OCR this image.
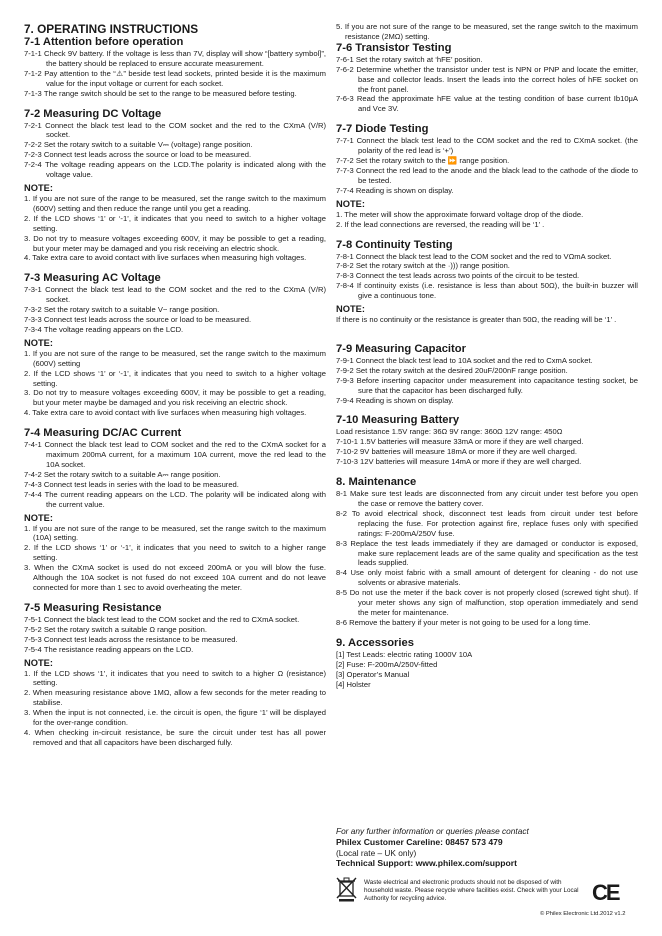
7. OPERATING INSTRUCTIONS
7-1 Attention before operation
7-1-1 Check 9V battery. If the voltage is less than 7V, display will show “[battery symbol]”, the battery should be replaced to ensure accurate measurement.
7-1-2 Pay attention to the “⚠” beside test lead sockets, printed beside it is the maximum value for the input voltage or current for each socket.
7-1-3 The range switch should be set to the range to be measured before testing.
7-2 Measuring DC Voltage
7-2-1 Connect the black test lead to the COM socket and the red to the CXmA (V/R) socket.
7-2-2 Set the rotary switch to a suitable V⎓ (voltage) range position.
7-2-3 Connect test leads across the source or load to be measured.
7-2-4 The voltage reading appears on the LCD.The polarity is indicated along with the voltage value.
NOTE:
1. If you are not sure of the range to be measured, set the range switch to the maximum (600V) setting and then reduce the range until you get a reading.
2. If the LCD shows ‘1’ or ‘-1’, it indicates that you need to switch to a higher voltage setting.
3. Do not try to measure voltages exceeding 600V, it may be possible to get a reading, but your meter may be damaged and you risk receiving an electric shock.
4. Take extra care to avoid contact with live surfaces when measuring high voltages.
7-3 Measuring AC Voltage
7-3-1 Connect the black test lead to the COM socket and the red to the CXmA (V/R) socket.
7-3-2 Set the rotary switch to a suitable V~ range position.
7-3-3 Connect test leads across the source or load to be measured.
7-3-4 The voltage reading appears on the LCD.
NOTE:
1. If you are not sure of the range to be measured, set the range switch to the maximum (600V) setting
2. If the LCD shows ‘1’ or ‘-1’, it indicates that you need to switch to a higher voltage setting.
3. Do not try to measure voltages exceeding 600V, it may be possible to get a reading, but your meter maybe be damaged and you risk receiving an electric shock.
4. Take extra care to avoid contact with live surfaces when measuring high voltages.
7-4 Measuring DC/AC Current
7-4-1 Connect the black test lead to COM socket and the red to the CXmA socket for a maximum 200mA current, for a maximum 10A current, move the red lead to the 10A socket.
7-4-2 Set the rotary switch to a suitable A⎓ range position.
7-4-3 Connect test leads in series with the load to be measured.
7-4-4 The current reading appears on the LCD. The polarity will be indicated along with the current value.
NOTE:
1. If you are not sure of the range to be measured, set the range switch to the maximum (10A) setting.
2. If the LCD shows ‘1’ or ‘-1’, it indicates that you need to switch to a higher range setting.
3. When the CXmA socket is used do not exceed 200mA or you will blow the fuse. Although the 10A socket is not fused do not exceed 10A current and do not leave connected for more than 1 sec to avoid overheating the meter.
7-5 Measuring Resistance
7-5-1 Connect the black test lead to the COM socket and the red to CXmA socket.
7-5-2 Set the rotary switch a suitable Ω range position.
7-5-3 Connect test leads across the resistance to be measured.
7-5-4 The resistance reading appears on the LCD.
NOTE:
1. If the LCD shows ‘1’, it indicates that you need to switch to a higher Ω (resistance) setting.
2. When measuring resistance above 1MΩ, allow a few seconds for the meter reading to stabilise.
3. When the input is not connected, i.e. the circuit is open, the figure ‘1’ will be displayed for the over-range condition.
4. When checking in-circuit resistance, be sure the circuit under test has all power removed and that all capacitors have been discharged fully.
5. If you are not sure of the range to be measured, set the range switch to the maximum resistance (2MΩ) setting.
7-6 Transistor Testing
7-6-1 Set the rotary switch at ‘hFE’ position.
7-6-2 Determine whether the transistor under test is NPN or PNP and locate the emitter, base and collector leads. Insert the leads into the correct holes of hFE socket on the front panel.
7-6-3 Read the approximate hFE value at the testing condition of base current Ib10μA and Vce 3V.
7-7 Diode Testing
7-7-1 Connect the black test lead to the COM socket and the red to CXmA socket. (the polarity of the red lead is ‘+’)
7-7-2 Set the rotary switch to the ⏩ range position.
7-7-3 Connect the red lead to the anode and the black lead to the cathode of the diode to be tested.
7-7-4 Reading is shown on display.
NOTE:
1. The meter will show the approximate forward voltage drop of the diode.
2. If the lead connections are reversed, the reading will be ‘1’ .
7-8 Continuity Testing
7-8-1 Connect the black test lead to the COM socket and the red to VΩmA socket.
7-8-2 Set the rotary switch at the ·))) range position.
7-8-3 Connect the test leads across two points of the circuit to be tested.
7-8-4 If continuity exists (i.e. resistance is less than about 50Ω), the built-in buzzer will give a continuous tone.
NOTE:
If there is no continuity or the resistance is greater than 50Ω, the reading will be ‘1’ .
7-9 Measuring Capacitor
7-9-1 Connect the black test lead to 10A socket and the red to CxmA socket.
7-9-2 Set the rotary switch at the desired 20uF/200nF range position.
7-9-3 Before inserting capacitor under measurement into capacitance testing socket, be sure that the capacitor has been discharged fully.
7-9-4 Reading is shown on display.
7-10 Measuring Battery
Load resistance 1.5V range: 36Ω 9V range: 360Ω 12V range: 450Ω
7-10-1 1.5V batteries will measure 33mA or more if they are well charged.
7-10-2 9V batteries will measure 18mA or more if they are well charged.
7-10-3 12V batteries will measure 14mA or more if they are well charged.
8. Maintenance
8-1 Make sure test leads are disconnected from any circuit under test before you open the case or remove the battery cover.
8-2 To avoid electrical shock, disconnect test leads from circuit under test before replacing the fuse. For protection against fire, replace fuses only with specified ratings: F-200mA/250V fuse.
8-3 Replace the test leads immediately if they are damaged or conductor is exposed, make sure replacement leads are of the same quality and specification as the test leads supplied.
8-4 Use only moist fabric with a small amount of detergent for cleaning - do not use solvents or abrasive materials.
8-5 Do not use the meter if the back cover is not properly closed (screwed tight shut). If your meter shows any sign of malfunction, stop operation immediately and send the meter for maintenance.
8-6 Remove the battery if your meter is not going to be used for a long time.
9. Accessories
[1] Test Leads: electric rating 1000V 10A
[2] Fuse: F-200mA/250V-fitted
[3] Operator’s Manual
[4] Holster
For any further information or queries please contact
Philex Customer Careline: 08457 573 479
(Local rate – UK only)
Technical Support: www.philex.com/support
Waste electrical and electronic products should not be disposed of with household waste. Please recycle where facilities exist. Check with your Local Authority for recycling advice.	CE
© Philex Electronic Ltd.2012 v1.2
